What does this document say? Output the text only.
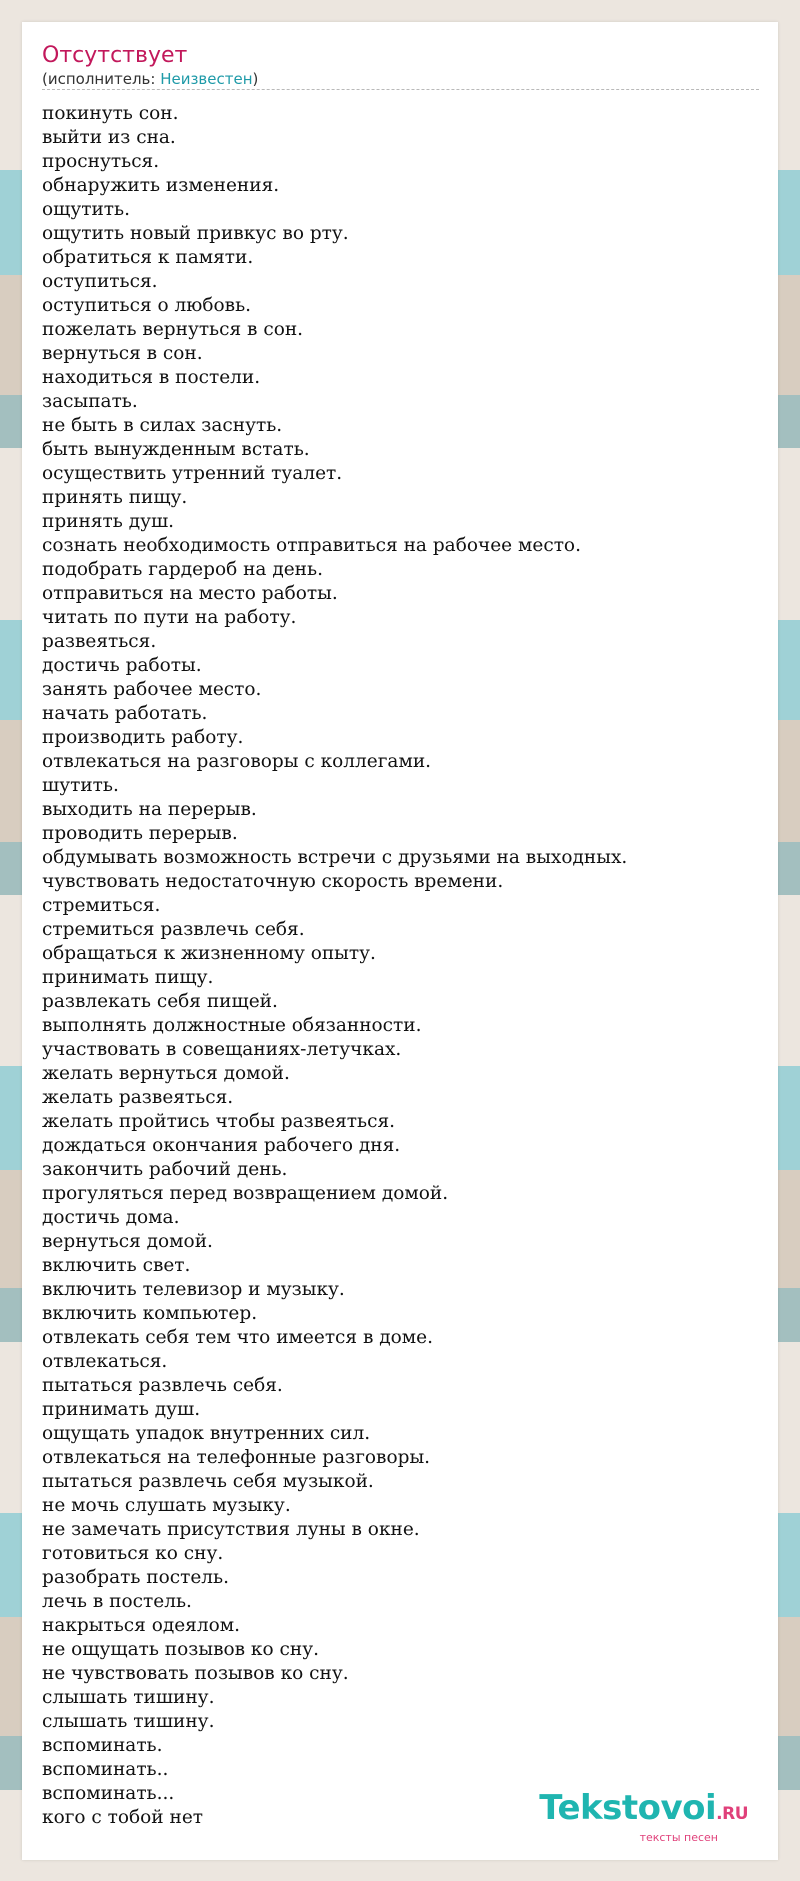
Отсутствует
(исполнитель: Неизвестен)
покинуть сон.
выйти из сна.
проснуться.
обнаружить изменения.
ощутить.
ощутить новый привкус во рту.
обратиться к памяти.
оступиться.
оступиться о любовь.
пожелать вернуться в сон.
вернуться в сон.
находиться в постели.
засыпать.
не быть в силах заснуть.
быть вынужденным встать.
осуществить утренний туалет.
принять пищу.
принять душ.
сознать необходимость отправиться на рабочее место.
подобрать гардероб на день.
отправиться на место работы.
читать по пути на работу.
развеяться.
достичь работы.
занять рабочее место.
начать работать.
производить работу.
отвлекаться на разговоры с коллегами.
шутить.
выходить на перерыв.
проводить перерыв.
обдумывать возможность встречи с друзьями на выходных.
чувствовать недостаточную скорость времени.
стремиться.
стремиться развлечь себя.
обращаться к жизненному опыту.
принимать пищу.
развлекать себя пищей.
выполнять должностные обязанности.
участвовать в совещаниях-летучках.
желать вернуться домой.
желать развеяться.
желать пройтись чтобы развеяться.
дождаться окончания рабочего дня.
закончить рабочий день.
прогуляться перед возвращением домой.
достичь дома.
вернуться домой.
включить свет.
включить телевизор и музыку.
включить компьютер.
отвлекать себя тем что имеется в доме.
отвлекаться.
пытаться развлечь себя.
принимать душ.
ощущать упадок внутренних сил.
отвлекаться на телефонные разговоры.
пытаться развлечь себя музыкой.
не мочь слушать музыку.
не замечать присутствия луны в окне.
готовиться ко сну.
разобрать постель.
лечь в постель.
накрыться одеялом.
не ощущать позывов ко сну.
не чувствовать позывов ко сну.
слышать тишину.
слышать тишину.
вспоминать.
вспоминать..
вспоминать...
кого с тобой нет	Tekstovoi.RU
тексты песен
